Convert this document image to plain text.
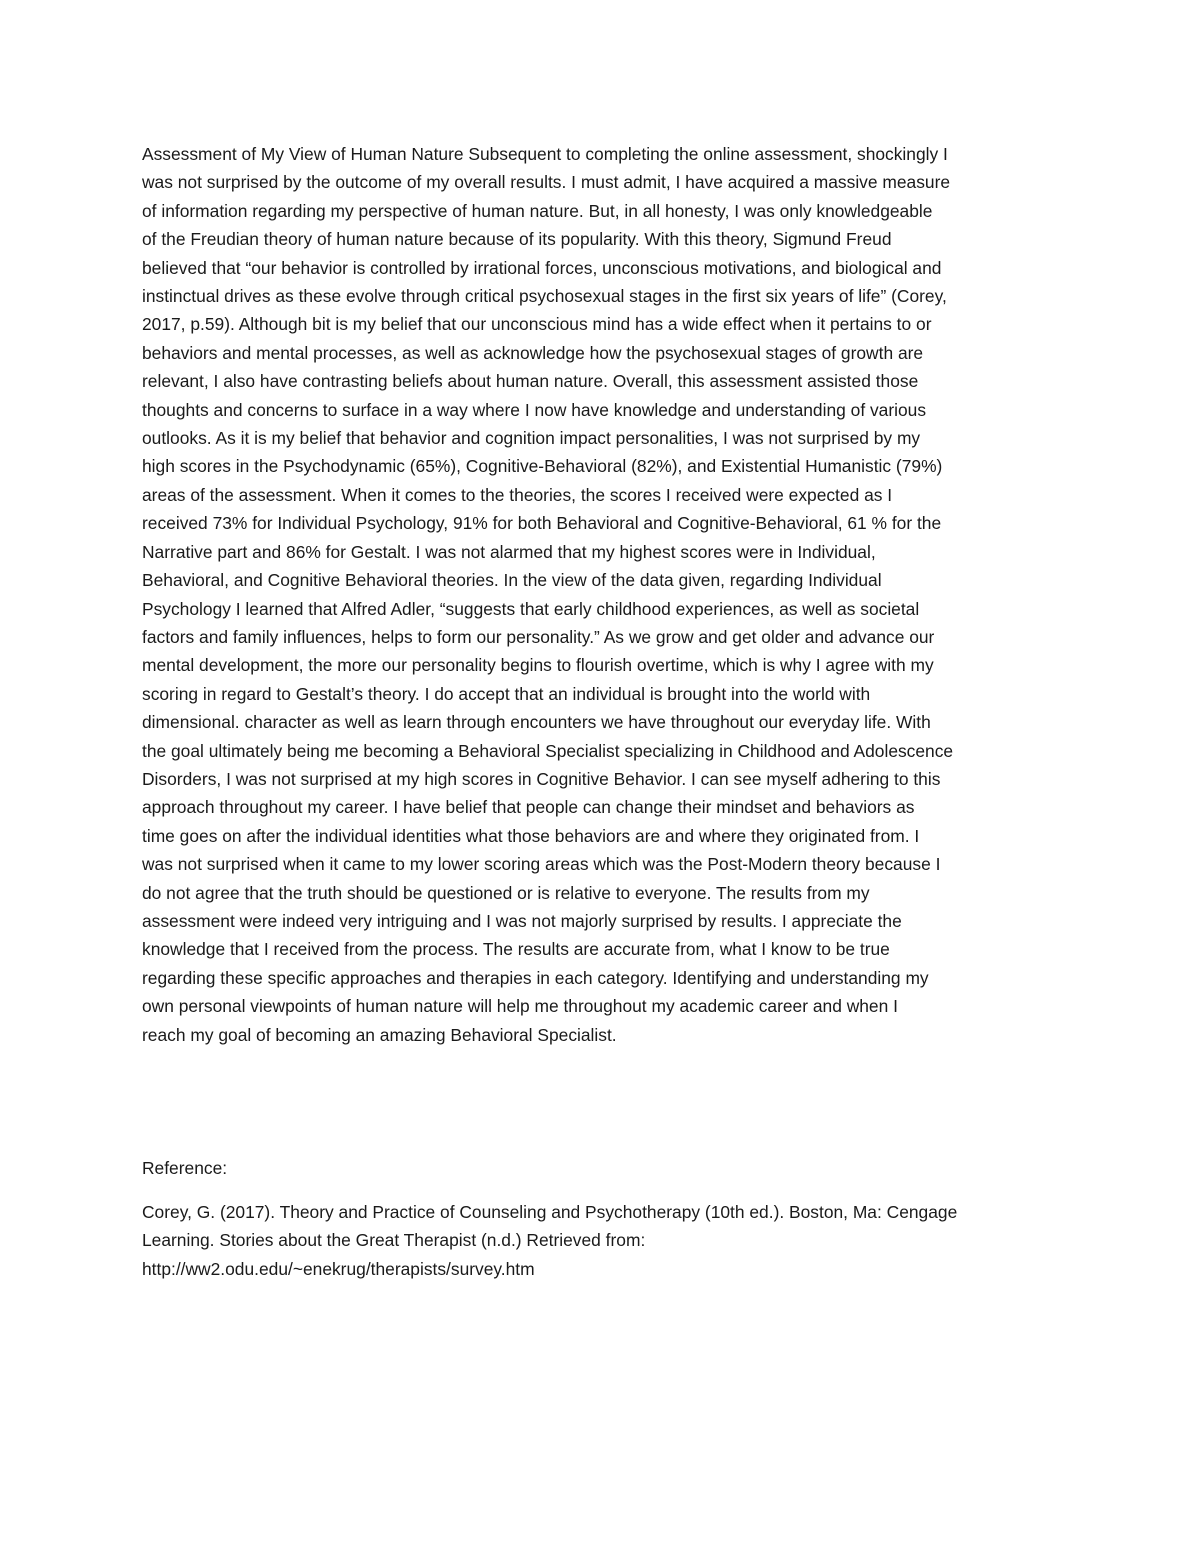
Assessment of My View of Human Nature Subsequent to completing the online assessment, shockingly I
was not surprised by the outcome of my overall results. I must admit, I have acquired a massive measure
of information regarding my perspective of human nature. But, in all honesty, I was only knowledgeable
of the Freudian theory of human nature because of its popularity. With this theory, Sigmund Freud
believed that “our behavior is controlled by irrational forces, unconscious motivations, and biological and
instinctual drives as these evolve through critical psychosexual stages in the first six years of life” (Corey,
2017, p.59). Although bit is my belief that our unconscious mind has a wide effect when it pertains to or
behaviors and mental processes, as well as acknowledge how the psychosexual stages of growth are
relevant, I also have contrasting beliefs about human nature. Overall, this assessment assisted those
thoughts and concerns to surface in a way where I now have knowledge and understanding of various
outlooks. As it is my belief that behavior and cognition impact personalities, I was not surprised by my
high scores in the Psychodynamic (65%), Cognitive-Behavioral (82%), and Existential Humanistic (79%)
areas of the assessment. When it comes to the theories, the scores I received were expected as I
received 73% for Individual Psychology, 91% for both Behavioral and Cognitive-Behavioral, 61 % for the
Narrative part and 86% for Gestalt. I was not alarmed that my highest scores were in Individual,
Behavioral, and Cognitive Behavioral theories. In the view of the data given, regarding Individual
Psychology I learned that Alfred Adler, “suggests that early childhood experiences, as well as societal
factors and family influences, helps to form our personality.” As we grow and get older and advance our
mental development, the more our personality begins to flourish overtime, which is why I agree with my
scoring in regard to Gestalt’s theory. I do accept that an individual is brought into the world with
dimensional. character as well as learn through encounters we have throughout our everyday life. With
the goal ultimately being me becoming a Behavioral Specialist specializing in Childhood and Adolescence
Disorders, I was not surprised at my high scores in Cognitive Behavior. I can see myself adhering to this
approach throughout my career. I have belief that people can change their mindset and behaviors as
time goes on after the individual identities what those behaviors are and where they originated from. I
was not surprised when it came to my lower scoring areas which was the Post-Modern theory because I
do not agree that the truth should be questioned or is relative to everyone. The results from my
assessment were indeed very intriguing and I was not majorly surprised by results. I appreciate the
knowledge that I received from the process. The results are accurate from, what I know to be true
regarding these specific approaches and therapies in each category. Identifying and understanding my
own personal viewpoints of human nature will help me throughout my academic career and when I
reach my goal of becoming an amazing Behavioral Specialist.
Reference:
Corey, G. (2017). Theory and Practice of Counseling and Psychotherapy (10th ed.). Boston, Ma: Cengage
Learning. Stories about the Great Therapist (n.d.) Retrieved from:
http://ww2.odu.edu/~enekrug/therapists/survey.htm
